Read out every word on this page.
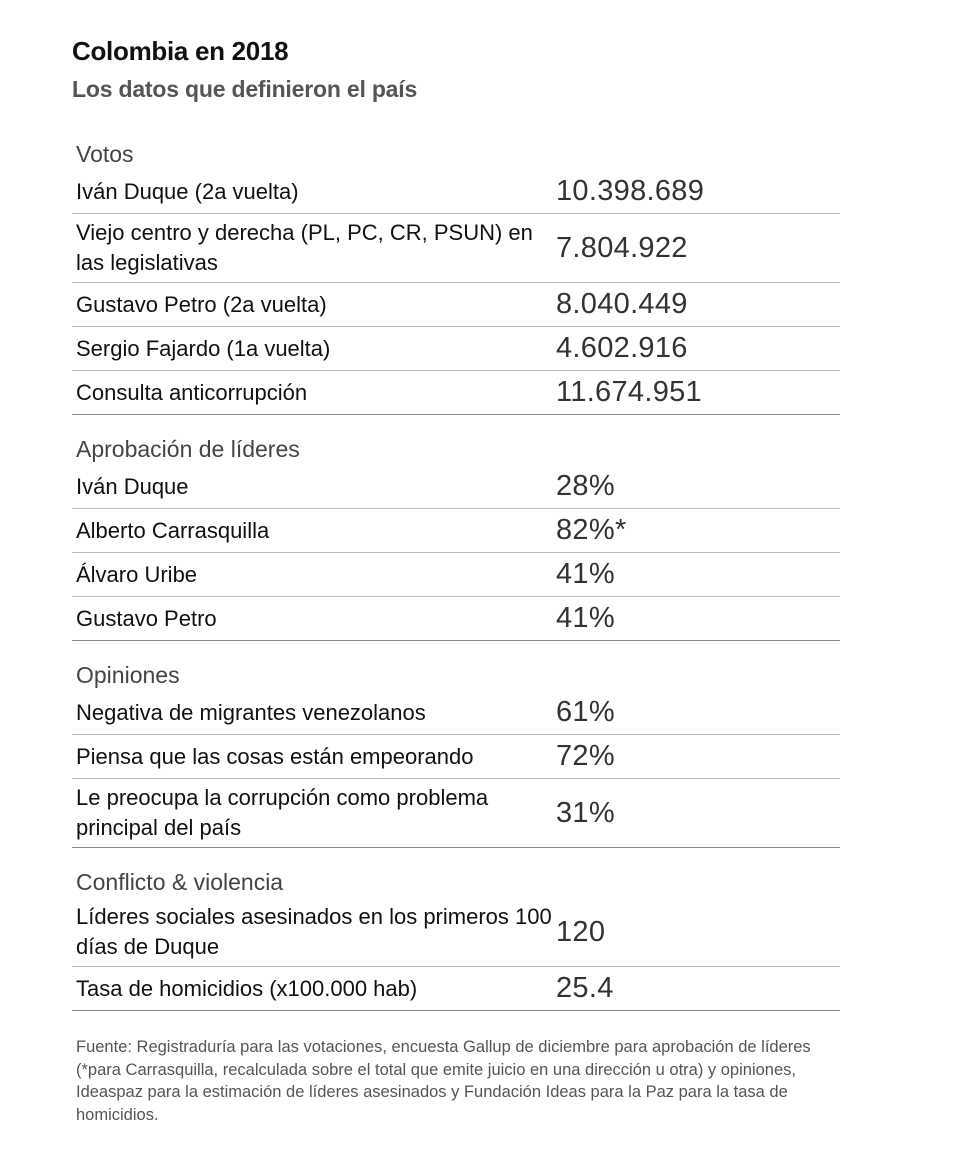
Colombia en 2018
Los datos que definieron el país
Votos
Iván Duque (2a vuelta)	10.398.689
Viejo centro y derecha (PL, PC, CR, PSUN) en las legislativas	7.804.922
Gustavo Petro (2a vuelta)	8.040.449
Sergio Fajardo (1a vuelta)	4.602.916
Consulta anticorrupción	11.674.951
Aprobación de líderes
Iván Duque	28%
Alberto Carrasquilla	82%*
Álvaro Uribe	41%
Gustavo Petro	41%
Opiniones
Negativa de migrantes venezolanos	61%
Piensa que las cosas están empeorando	72%
Le preocupa la corrupción como problema principal del país	31%
Conflicto & violencia
Líderes sociales asesinados en los primeros 100 días de Duque	120
Tasa de homicidios (x100.000 hab)	25.4
Fuente: Registraduría para las votaciones, encuesta Gallup de diciembre para aprobación de líderes (*para Carrasquilla, recalculada sobre el total que emite juicio en una dirección u otra) y opiniones, Ideaspaz para la estimación de líderes asesinados y Fundación Ideas para la Paz para la tasa de homicidios.
